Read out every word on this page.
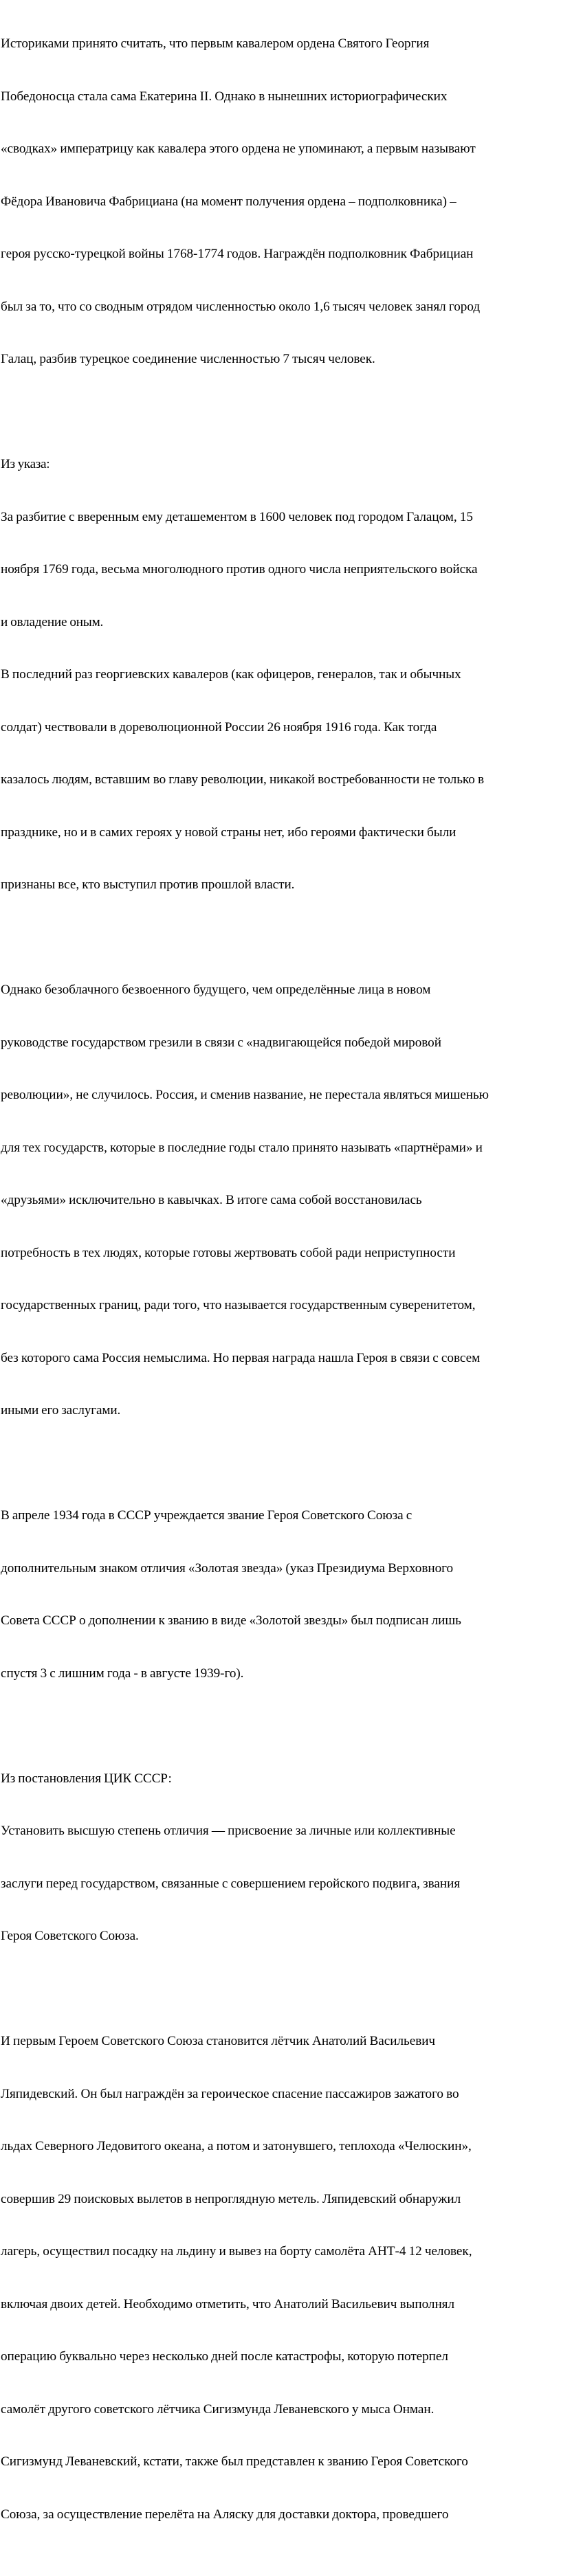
Историками принято считать, что первым кавалером ордена Святого Георгия

Победоносца стала сама Екатерина II. Однако в нынешних историографических

«сводках» императрицу как кавалера этого ордена не упоминают, а первым называют

Фёдора Ивановича Фабрициана (на момент получения ордена – подполковника) –

героя русско-турецкой войны 1768-1774 годов. Награждён подполковник Фабрициан

был за то, что со сводным отрядом численностью около 1,6 тысяч человек занял город

Галац, разбив турецкое соединение численностью 7 тысяч человек.

Из указа:

За разбитие с вверенным ему деташементом в 1600 человек под городом Галацом, 15

ноября 1769 года, весьма многолюдного против одного числа неприятельского войска

и овладение оным.

В последний раз георгиевских кавалеров (как офицеров, генералов, так и обычных

солдат) чествовали в дореволюционной России 26 ноября 1916 года. Как тогда

казалось людям, вставшим во главу революции, никакой востребованности не только в

празднике, но и в самих героях у новой страны нет, ибо героями фактически были

признаны все, кто выступил против прошлой власти.

Однако безоблачного безвоенного будущего, чем определённые лица в новом

руководстве государством грезили в связи с «надвигающейся победой мировой

революции», не случилось. Россия, и сменив название, не перестала являться мишенью

для тех государств, которые в последние годы стало принято называть «партнёрами» и

«друзьями» исключительно в кавычках. В итоге сама собой восстановилась

потребность в тех людях, которые готовы жертвовать собой ради неприступности

государственных границ, ради того, что называется государственным суверенитетом,

без которого сама Россия немыслима. Но первая награда нашла Героя в связи с совсем

иными его заслугами.

В апреле 1934 года в СССР учреждается звание Героя Советского Союза с

дополнительным знаком отличия «Золотая звезда» (указ Президиума Верховного

Совета СССР о дополнении к званию в виде «Золотой звезды» был подписан лишь

спустя 3 с лишним года - в августе 1939-го).

Из постановления ЦИК СССР:

Установить высшую степень отличия — присвоение за личные или коллективные

заслуги перед государством, связанные с совершением геройского подвига, звания

Героя Советского Союза.

И первым Героем Советского Союза становится лётчик Анатолий Васильевич

Ляпидевский. Он был награждён за героическое спасение пассажиров зажатого во

льдах Северного Ледовитого океана, а потом и затонувшего, теплохода «Челюскин»,

совершив 29 поисковых вылетов в непроглядную метель. Ляпидевский обнаружил

лагерь, осуществил посадку на льдину и вывез на борту самолёта АНТ-4 12 человек,

включая двоих детей. Необходимо отметить, что Анатолий Васильевич выполнял

операцию буквально через несколько дней после катастрофы, которую потерпел

самолёт другого советского лётчика Сигизмунда Леваневского у мыса Онман.

Сигизмунд Леваневский, кстати, также был представлен к званию Героя Советского

Союза, за осуществление перелёта на Аляску для доставки доктора, проведшего
